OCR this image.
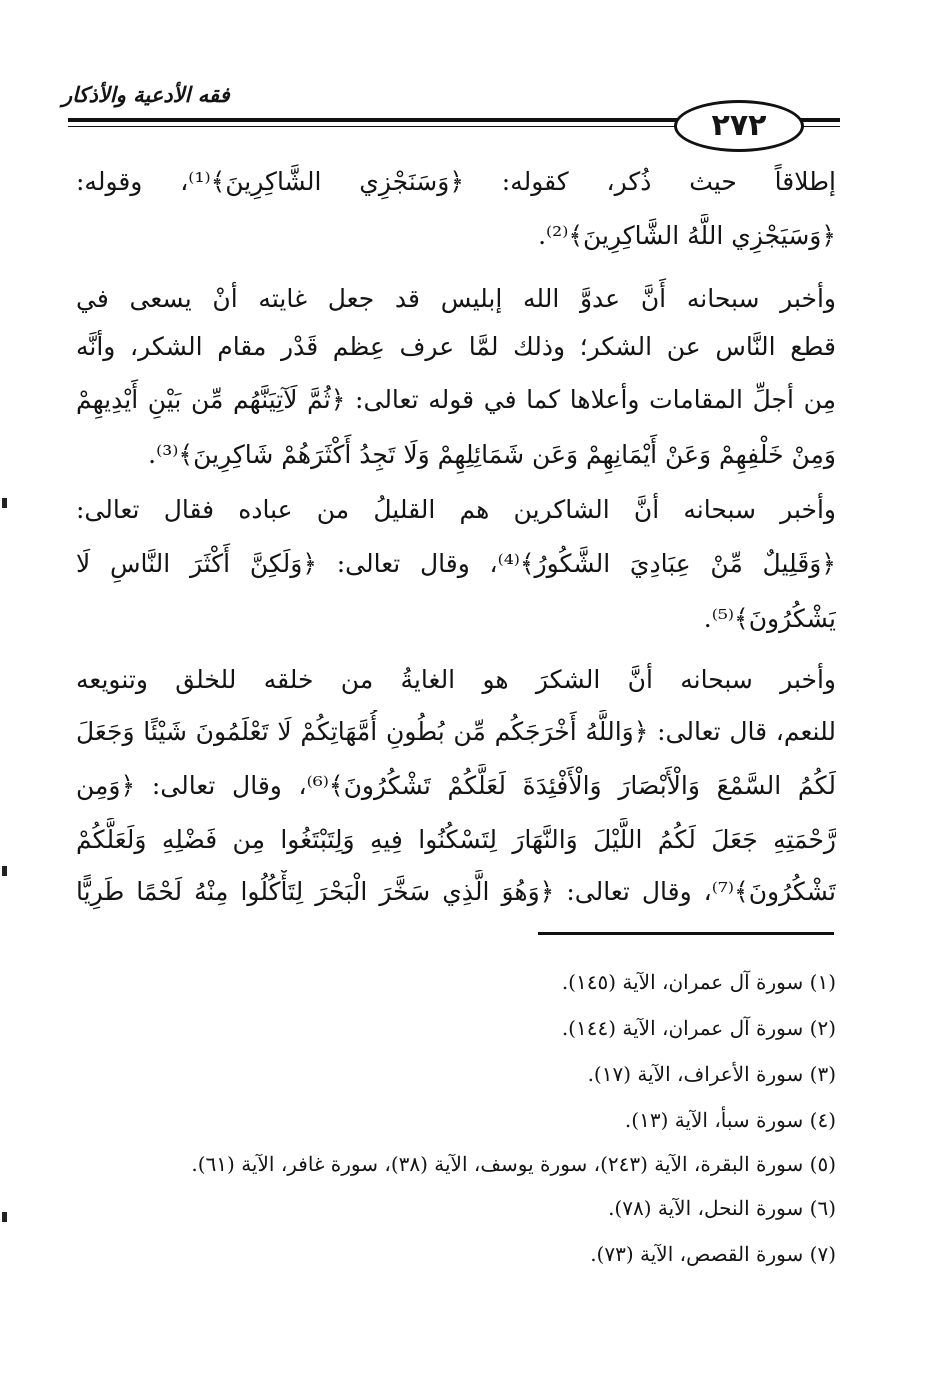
فقه الأدعية والأذكار
٢٧٢
إطلاقاً حيث ذُكر، كقوله: ﴿وَسَنَجْزِي الشَّاكِرِينَ﴾⁽¹⁾، وقوله:
﴿وَسَيَجْزِي اللَّهُ الشَّاكِرِينَ﴾⁽²⁾.
وأخبر سبحانه أَنَّ عدوَّ الله إبليس قد جعل غايته أنْ يسعى في
قطع النَّاس عن الشكر؛ وذلك لمَّا عرف عِظم قَدْر مقام الشكر، وأنَّه
مِن أجلِّ المقامات وأعلاها كما في قوله تعالى: ﴿ثُمَّ لَآتِيَنَّهُم مِّن بَيْنِ أَيْدِيهِمْ
وَمِنْ خَلْفِهِمْ وَعَنْ أَيْمَانِهِمْ وَعَن شَمَائِلِهِمْ وَلَا تَجِدُ أَكْثَرَهُمْ شَاكِرِينَ﴾⁽³⁾.
وأخبر سبحانه أنَّ الشاكرين هم القليلُ من عباده فقال تعالى:
﴿وَقَلِيلٌ مِّنْ عِبَادِيَ الشَّكُورُ﴾⁽⁴⁾، وقال تعالى: ﴿وَلَكِنَّ أَكْثَرَ النَّاسِ لَا
يَشْكُرُونَ﴾⁽⁵⁾.
وأخبر سبحانه أنَّ الشكرَ هو الغايةُ من خلقه للخلق وتنويعه
للنعم، قال تعالى: ﴿وَاللَّهُ أَخْرَجَكُم مِّن بُطُونِ أُمَّهَاتِكُمْ لَا تَعْلَمُونَ شَيْئًا وَجَعَلَ
لَكُمُ السَّمْعَ وَالْأَبْصَارَ وَالْأَفْئِدَةَ لَعَلَّكُمْ تَشْكُرُونَ﴾⁽⁶⁾، وقال تعالى: ﴿وَمِن
رَّحْمَتِهِ جَعَلَ لَكُمُ اللَّيْلَ وَالنَّهَارَ لِتَسْكُنُوا فِيهِ وَلِتَبْتَغُوا مِن فَضْلِهِ وَلَعَلَّكُمْ
تَشْكُرُونَ﴾⁽⁷⁾، وقال تعالى: ﴿وَهُوَ الَّذِي سَخَّرَ الْبَحْرَ لِتَأْكُلُوا مِنْهُ لَحْمًا طَرِيًّا
(١) سورة آل عمران، الآية (١٤٥).
(٢) سورة آل عمران، الآية (١٤٤).
(٣) سورة الأعراف، الآية (١٧).
(٤) سورة سبأ، الآية (١٣).
(٥) سورة البقرة، الآية (٢٤٣)، سورة يوسف، الآية (٣٨)، سورة غافر، الآية (٦١).
(٦) سورة النحل، الآية (٧٨).
(٧) سورة القصص، الآية (٧٣).
